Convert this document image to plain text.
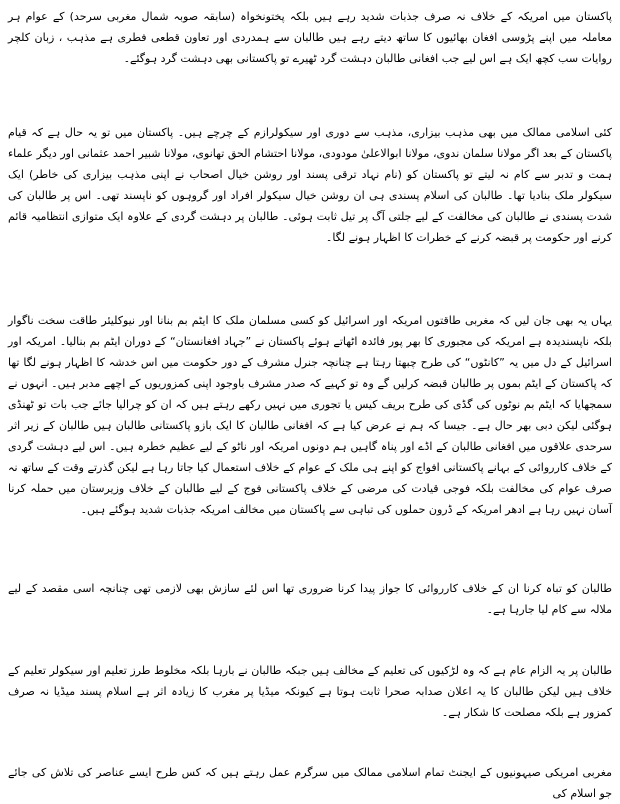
پاکستان میں امریکہ کے خلاف نہ صرف جذبات شدید رہے ہیں بلکہ پختونخواہ (سابقہ صوبہ شمال مغربی سرحد) کے عوام ہر معاملہ میں اپنے پڑوسی افغان بھائیوں کا ساتھ دیتے رہے ہیں طالبان سے ہمدردی اور تعاون قطعی فطری ہے مذہب ، زبان کلچر روایات سب کچھ ایک ہے اس لیے جب افغانی طالبان دہشت گرد ٹھیرے تو پاکستانی بھی دہشت گرد ہوگئے۔

کئی اسلامی ممالک میں بھی مذہب بیزاری، مذہب سے دوری اور سیکولرازم کے چرچے ہیں۔ پاکستان میں تو یہ حال ہے کہ قیام پاکستان کے بعد اگر مولانا سلمان ندوی، مولانا ابوالاعلیٰ مودودی، مولانا احتشام الحق تھانوی، مولانا شبیر احمد عثمانی اور دیگر علماء ہمت و تدبر سے کام نہ لیتے تو پاکستان کو (نام نہاد ترقی پسند اور روشن خیال اصحاب نے اپنی مذہب بیزاری کی خاطر) ایک سیکولر ملک بنادیا تھا۔ طالبان کی اسلام پسندی ہی ان روشن خیال سیکولر افراد اور گروہوں کو ناپسند تھی۔ اس پر طالبان کی شدت پسندی نے طالبان کی مخالفت کے لیے جلتی آگ پر تیل ثابت ہوئی۔ طالبان پر دہشت گردی کے علاوہ ایک متوازی انتظامیہ قائم کرنے اور حکومت پر قبضہ کرنے کے خطرات کا اظہار ہونے لگا۔

یہاں یہ بھی جان لیں کہ مغربی طاقتوں امریکہ اور اسرائیل کو کسی مسلمان ملک کا ایٹم بم بنانا اور نیوکلیئر طاقت سخت ناگوار بلکہ ناپسندیدہ ہے امریکہ کی مجبوری کا بھر پور فائدہ اٹھاتے ہوئے پاکستان نے ”جہاد افغانستان“ کے دوران ایٹم بم بنالیا۔ امریکہ اور اسرائیل کے دل میں یہ ”کانٹوں“ کی طرح چبھتا رہتا ہے چنانچہ جنرل مشرف کے دور حکومت میں اس خدشہ کا اظہار ہونے لگا تھا کہ پاکستان کے ایٹم بموں پر طالبان قبضہ کرلیں گے وہ تو کہیے کہ صدر مشرف باوجود اپنی کمزوریوں کے اچھے مدبر ہیں۔ انہوں نے سمجھایا کہ ایٹم بم نوٹوں کی گڈی کی طرح بریف کیس یا تجوری میں نہیں رکھے رہتے ہیں کہ ان کو چرالیا جائے جب بات تو ٹھنڈی ہوگئی لیکن دبی بھر حال ہے۔ جیسا کہ ہم نے عرض کیا ہے کہ افغانی طالبان کا ایک بازو پاکستانی طالبان ہیں طالبان کے زیر اثر سرحدی علاقوں میں افغانی طالبان کے اڈے اور پناہ گاہیں ہم دونوں امریکہ اور ناٹو کے لیے عظیم خطرہ ہیں۔ اس لیے دہشت گردی کے خلاف کارروائی کے بہانے پاکستانی افواج کو اپنے ہی ملک کے عوام کے خلاف استعمال کیا جاتا رہا ہے لیکن گذرتے وقت کے ساتھ نہ صرف عوام کی مخالفت بلکہ فوجی قیادت کی مرضی کے خلاف پاکستانی فوج کے لیے طالبان کے خلاف وزیرستان میں حملہ کرنا آسان نہیں رہا ہے ادھر امریکہ کے ڈرون حملوں کی تباہی سے پاکستان میں مخالف امریکہ جذبات شدید ہوگئے ہیں۔

طالبان کو تباہ کرنا ان کے خلاف کارروائی کا جواز پیدا کرنا ضروری تھا اس لئے سازش بھی لازمی تھی چنانچہ اسی مقصد کے لیے ملالہ سے کام لیا جارہا ہے۔

طالبان پر یہ الزام عام ہے کہ وہ لڑکیوں کی تعلیم کے مخالف ہیں جبکہ طالبان نے بارہا بلکہ مخلوط طرز تعلیم اور سیکولر تعلیم کے خلاف ہیں لیکن طالبان کا یہ اعلان صدابہ صحرا ثابت ہوتا ہے کیونکہ میڈیا پر مغرب کا زیادہ اثر ہے اسلام پسند میڈیا نہ صرف کمزور ہے بلکہ مصلحت کا شکار ہے۔

مغربی امریکی صیہونیوں کے ایجنٹ تمام اسلامی ممالک میں سرگرم عمل رہتے ہیں کہ کس طرح ایسے عناصر کی تلاش کی جائے جو اسلام کی
